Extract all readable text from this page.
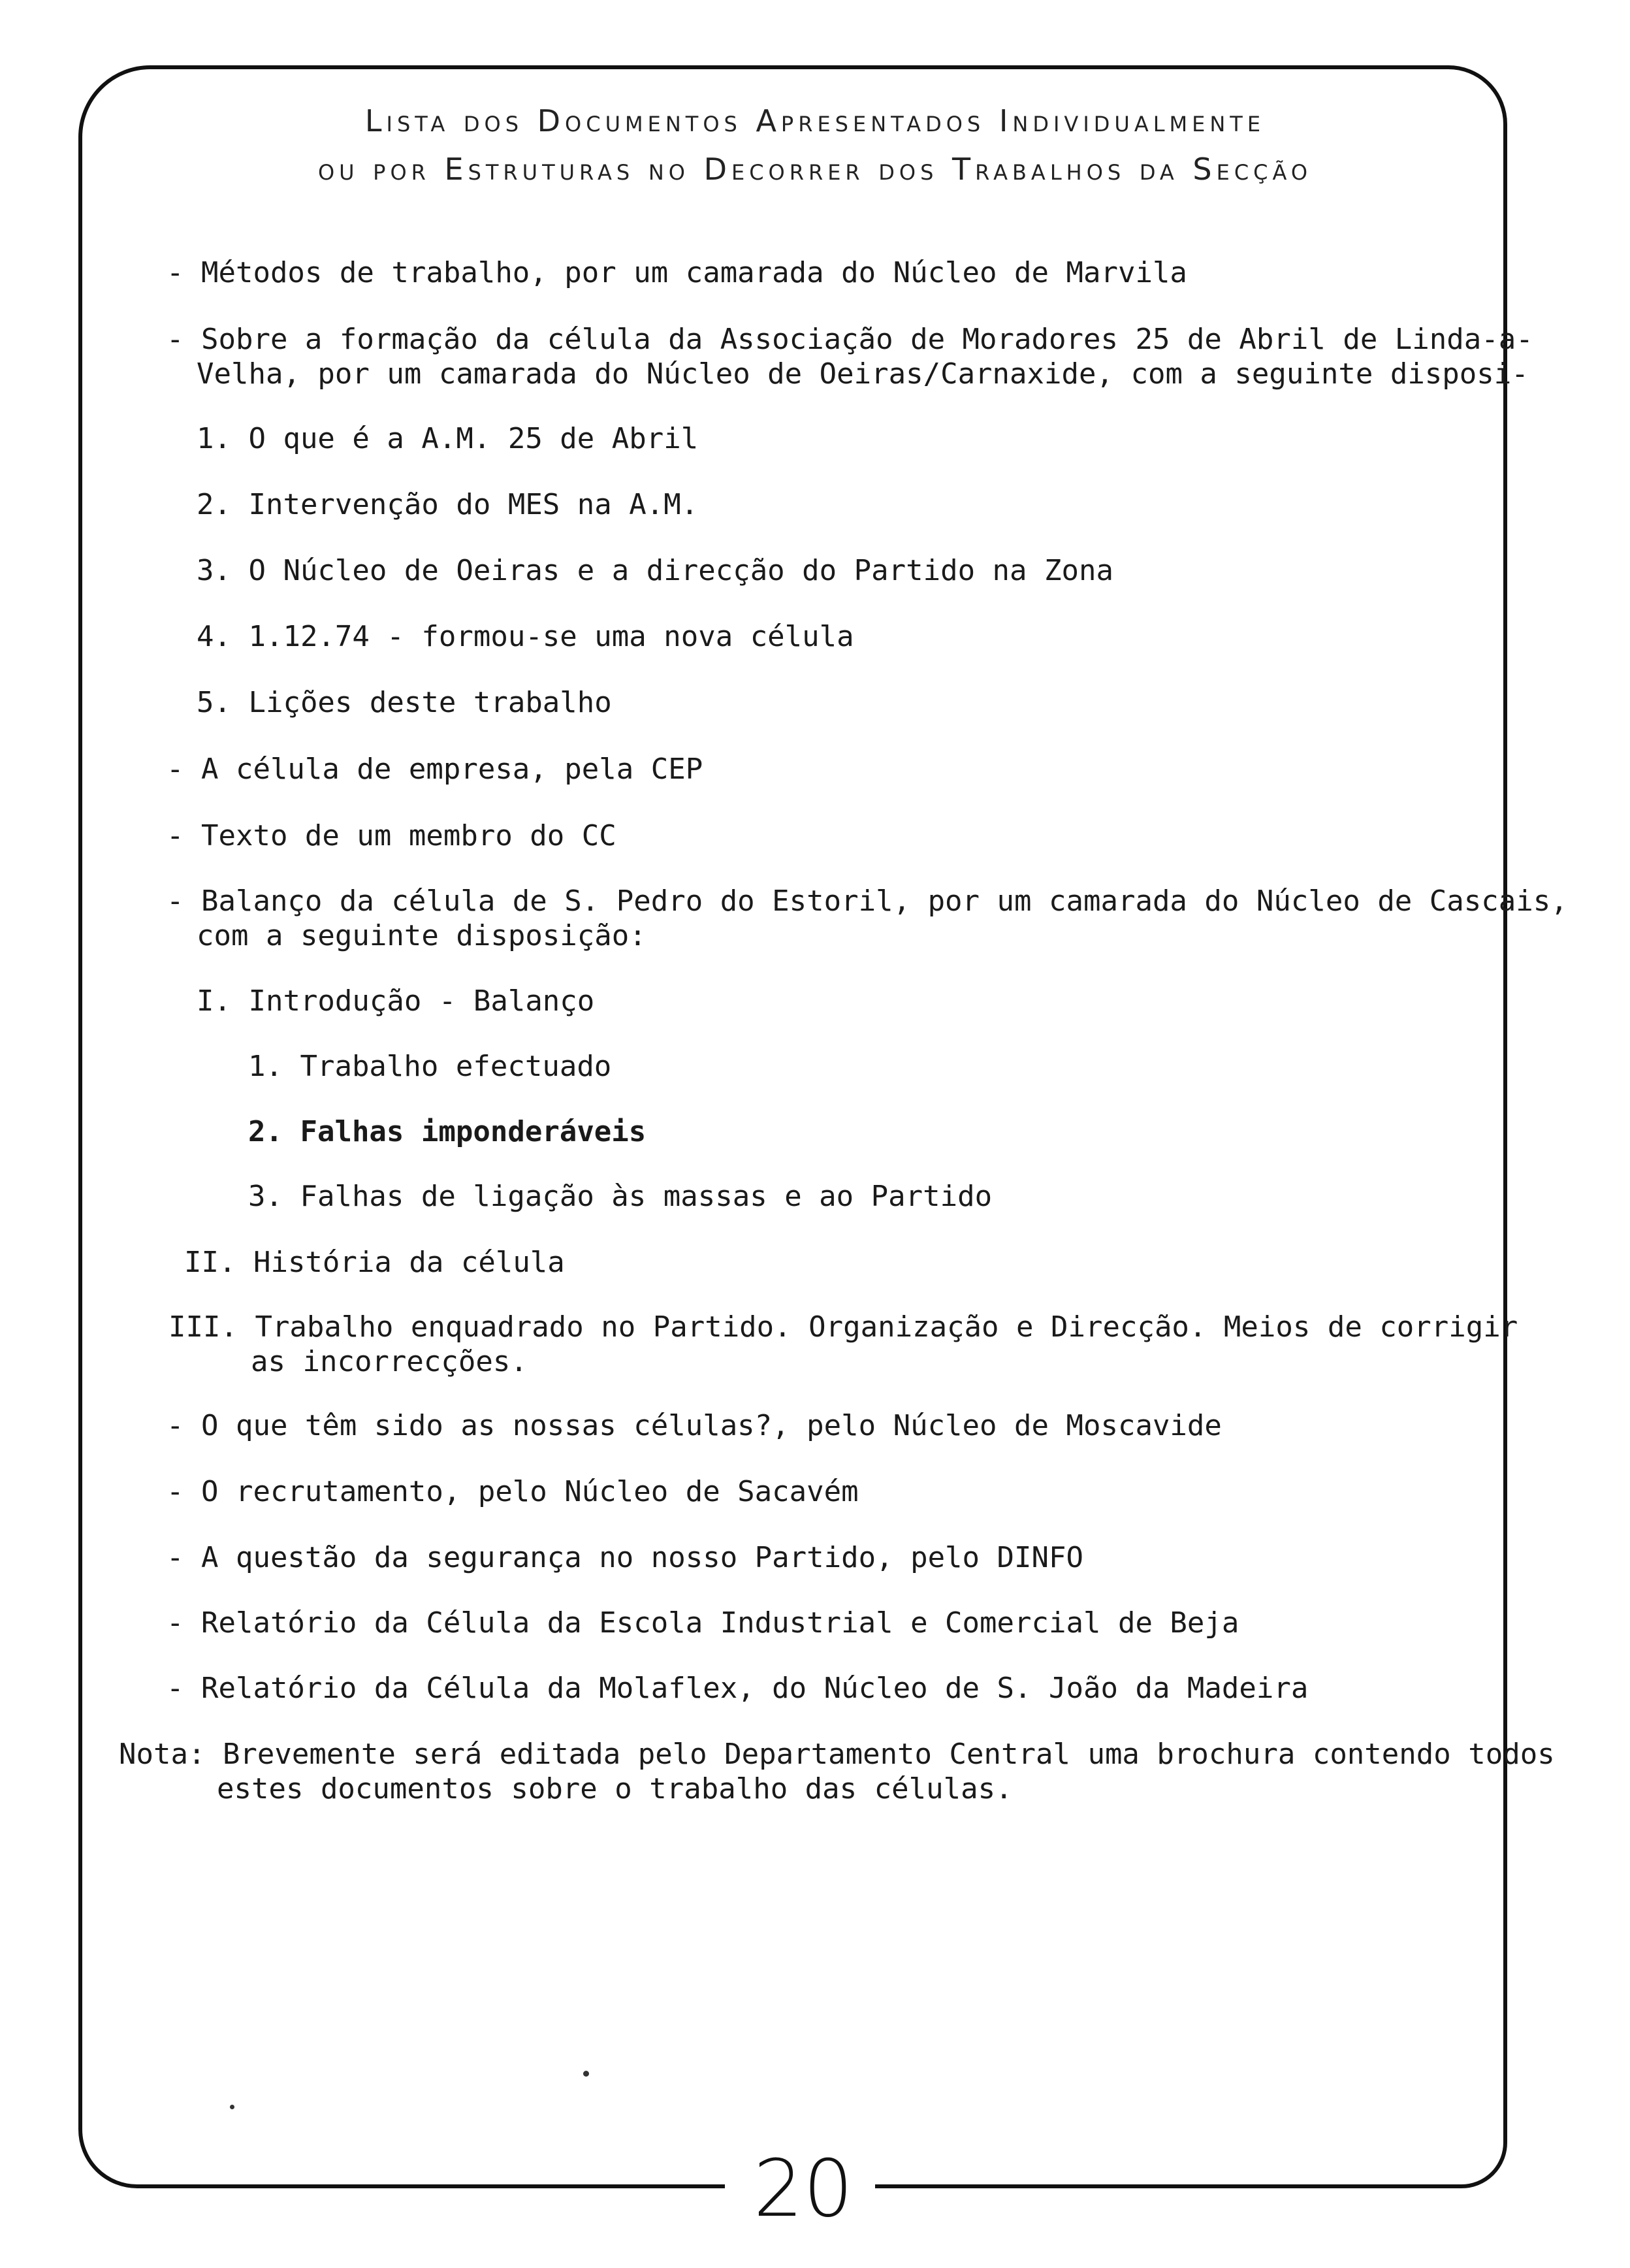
Lista dos Documentos Apresentados Individualmente
ou por Estruturas no Decorrer dos Trabalhos da Secção
- Métodos de trabalho, por um camarada do Núcleo de Marvila
- Sobre a formação da célula da Associação de Moradores 25 de Abril de Linda-a-
Velha, por um camarada do Núcleo de Oeiras/Carnaxide, com a seguinte disposi-
1. O que é a A.M. 25 de Abril
2. Intervenção do MES na A.M.
3. O Núcleo de Oeiras e a direcção do Partido na Zona
4. 1.12.74 - formou-se uma nova célula
5. Lições deste trabalho
- A célula de empresa, pela CEP
- Texto de um membro do CC
- Balanço da célula de S. Pedro do Estoril, por um camarada do Núcleo de Cascais,
com a seguinte disposição:
I. Introdução - Balanço
1. Trabalho efectuado
2. Falhas imponderáveis
3. Falhas de ligação às massas e ao Partido
II. História da célula
III. Trabalho enquadrado no Partido. Organização e Direcção. Meios de corrigir
as incorrecções.
- O que têm sido as nossas células?, pelo Núcleo de Moscavide
- O recrutamento, pelo Núcleo de Sacavém
- A questão da segurança no nosso Partido, pelo DINFO
- Relatório da Célula da Escola Industrial e Comercial de Beja
- Relatório da Célula da Molaflex, do Núcleo de S. João da Madeira
Nota: Brevemente será editada pelo Departamento Central uma brochura contendo todos
estes documentos sobre o trabalho das células.
20
